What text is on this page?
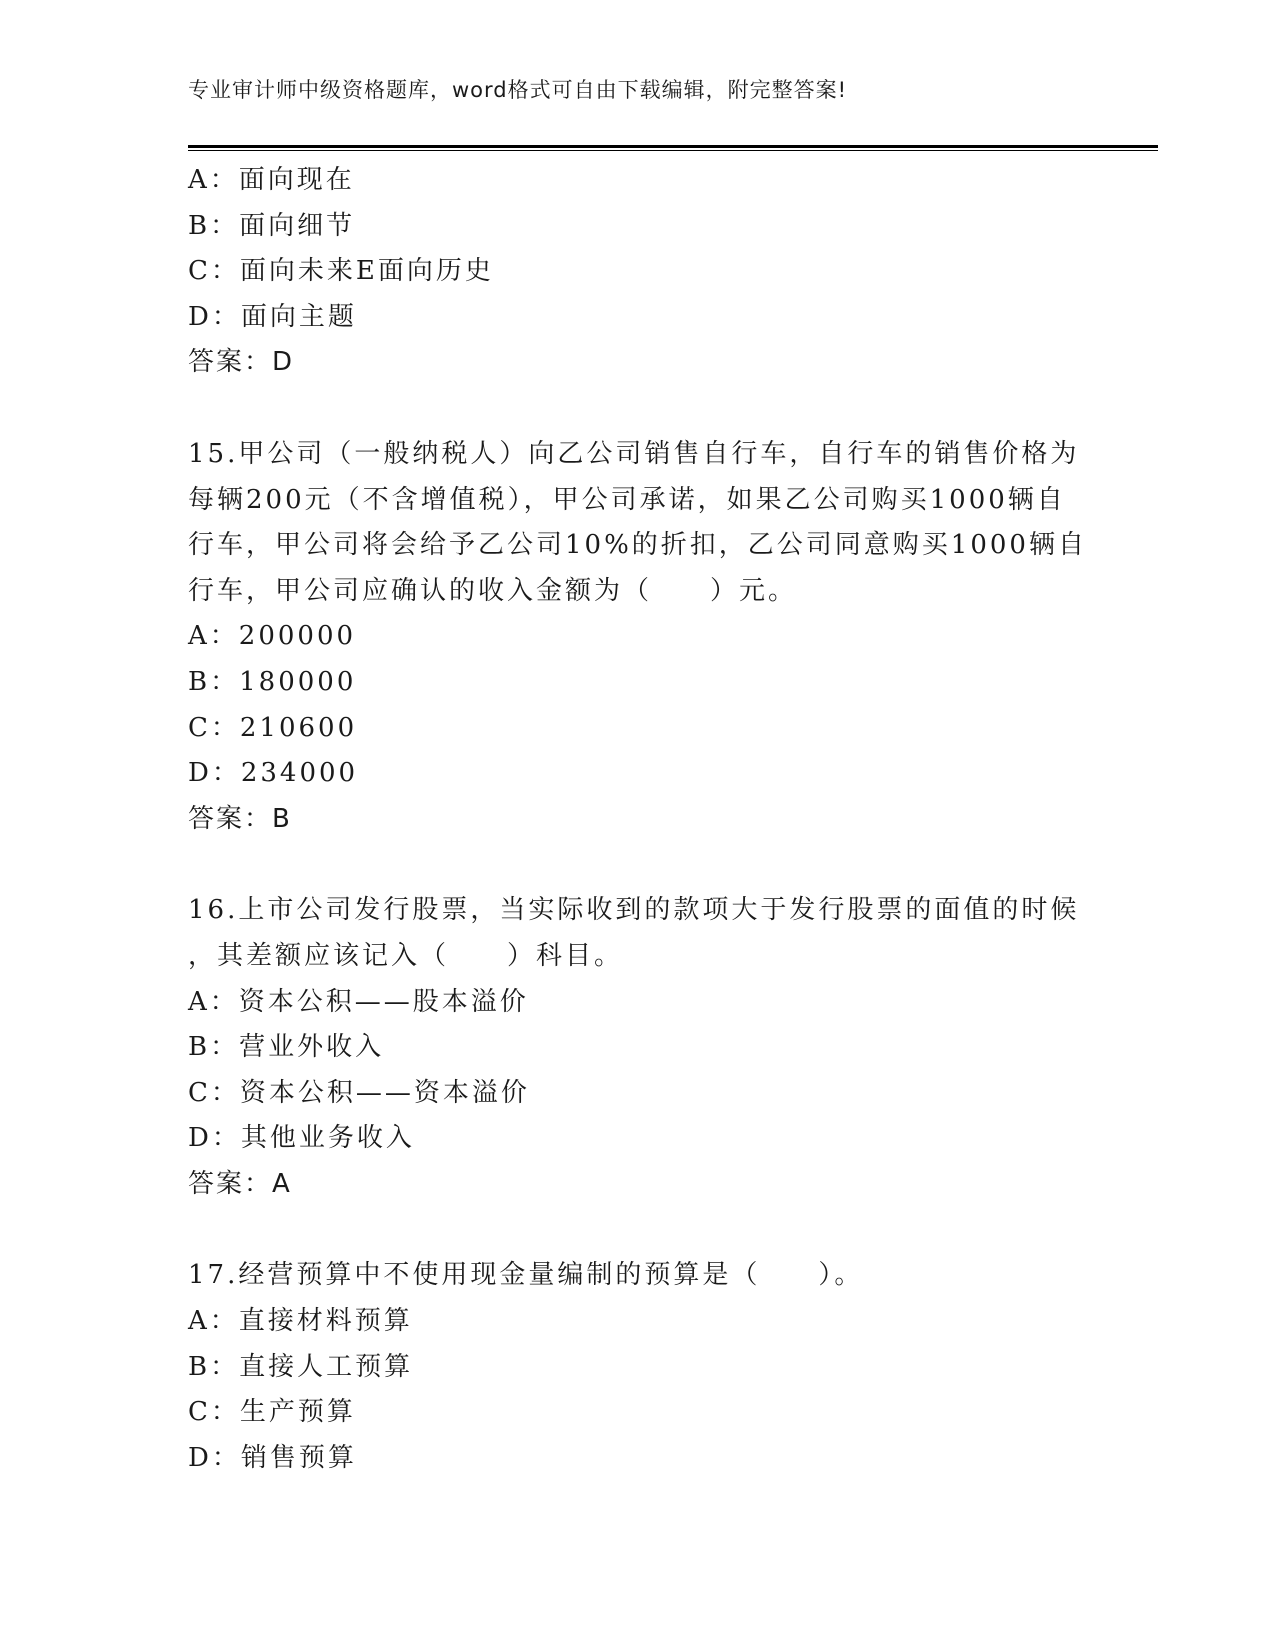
专业审计师中级资格题库，word格式可自由下载编辑，附完整答案!
A：面向现在
B：面向细节
C：面向未来E面向历史
D：面向主题
答案：D
15.甲公司（一般纳税人）向乙公司销售自行车，自行车的销售价格为
每辆200元（不含增值税），甲公司承诺，如果乙公司购买1000辆自
行车，甲公司将会给予乙公司10%的折扣，乙公司同意购买1000辆自
行车，甲公司应确认的收入金额为（　　）元。
A：200000
B：180000
C：210600
D：234000
答案：B
16.上市公司发行股票，当实际收到的款项大于发行股票的面值的时候
，其差额应该记入（　　）科目。
A：资本公积——股本溢价
B：营业外收入
C：资本公积——资本溢价
D：其他业务收入
答案：A
17.经营预算中不使用现金量编制的预算是（　　）。
A：直接材料预算
B：直接人工预算
C：生产预算
D：销售预算
